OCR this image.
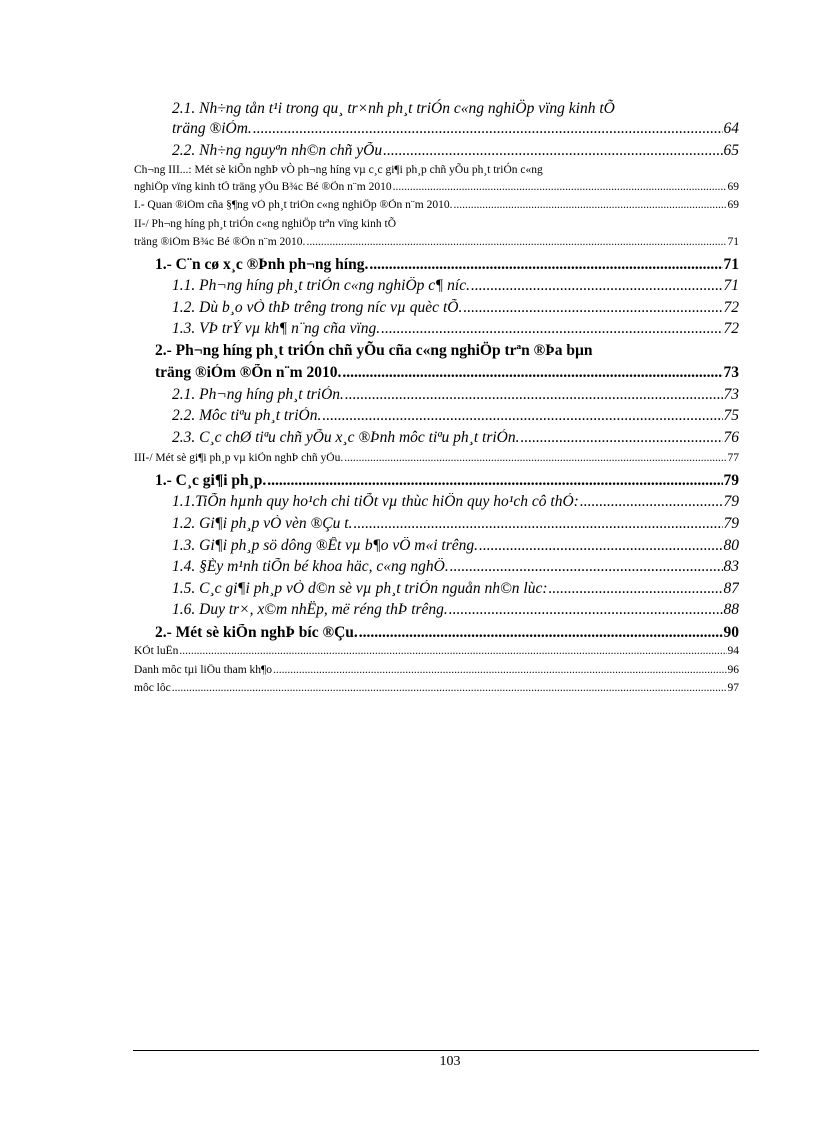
2.1. Nh÷ng tån t¹i trong qu¸ tr×nh ph¸t triÓn c«ng nghiÖp vïng kinh tÕ
träng ®iÓm. .....	64
2.2. Nh÷ng nguyªn nh©n chñ yÕu .....	65
Ch¬ng III...: Mét sè kiÕn nghÞ vÒ ph¬ng híng vµ c¸c gi¶i ph¸p chñ yÕu ph¸t triÓn c«ng
nghiÖp vïng kinh tÕ träng yÕu B¾c Bé ®Õn n¨m 2010 .....	69
I.- Quan ®iÓm cña §¶ng vÒ ph¸t triÓn c«ng nghiÖp ®Õn n¨m 2010. .....	69
II-/ Ph¬ng híng ph¸t triÓn c«ng nghiÖp trªn vïng kinh tÕ
träng ®iÓm B¾c Bé ®Õn n¨m 2010. .....	71
1.- C¨n cø x¸c ®Þnh ph¬ng híng. .....	71
1.1. Ph¬ng híng ph¸t triÓn c«ng nghiÖp c¶ níc. .....	71
1.2. Dù b¸o vÒ thÞ trêng trong níc vµ quèc tÕ. .....	72
1.3. VÞ trÝ vµ kh¶ n¨ng cña vïng. .....	72
2.- Ph¬ng híng ph¸t triÓn chñ yÕu cña c«ng nghiÖp trªn ®Þa bµn
träng ®iÓm ®Õn n¨m 2010. .....	73
2.1. Ph¬ng híng ph¸t triÓn. .....	73
2.2. Môc tiªu ph¸t triÓn. .....	75
2.3. C¸c chØ tiªu chñ yÕu x¸c ®Þnh môc tiªu ph¸t triÓn. .....	76
III-/ Mét sè gi¶i ph¸p vµ kiÕn nghÞ chñ yÕu. .....	77
1.- C¸c gi¶i ph¸p. .....	79
1.1.TiÕn hµnh quy ho¹ch chi tiÕt vµ thùc hiÖn quy ho¹ch cô thÓ: .....	79
1.2. Gi¶i ph¸p vÒ vèn ®Çu t. .....	79
1.3. Gi¶i ph¸p sö dông ®Êt vµ b¶o vÖ m«i trêng. .....	80
1.4. §Èy m¹nh tiÕn bé khoa häc, c«ng nghÖ. .....	83
1.5. C¸c gi¶i ph¸p vÒ d©n sè vµ ph¸t triÓn nguån nh©n lùc: .....	87
1.6. Duy tr×, x©m nhËp, më réng thÞ trêng. .....	88
2.- Mét sè kiÕn nghÞ bíc ®Çu. .....	90
KÕt luËn .....	94
Danh môc tµi liÖu tham kh¶o .....	96
môc lôc .....	97
103
